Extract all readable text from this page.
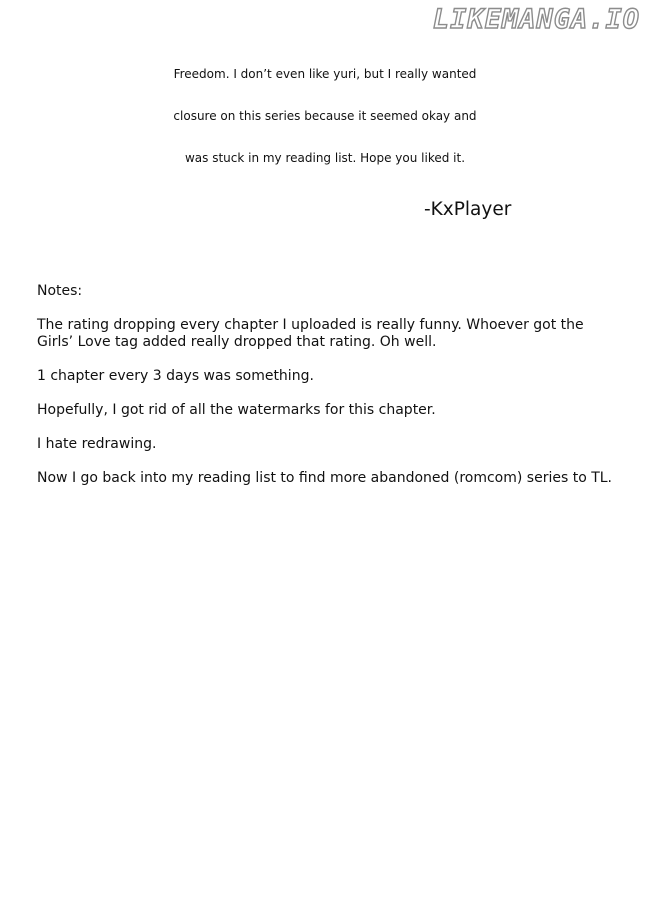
LIKEMANGA.IO
Freedom. I don’t even like yuri, but I really wanted
closure on this series because it seemed okay and
was stuck in my reading list. Hope you liked it.
-KxPlayer

Notes:

The rating dropping every chapter I uploaded is really funny. Whoever got the Girls’ Love tag added really dropped that rating. Oh well.

1 chapter every 3 days was something.

Hopefully, I got rid of all the watermarks for this chapter.

I hate redrawing.

Now I go back into my reading list to find more abandoned (romcom) series to TL.
